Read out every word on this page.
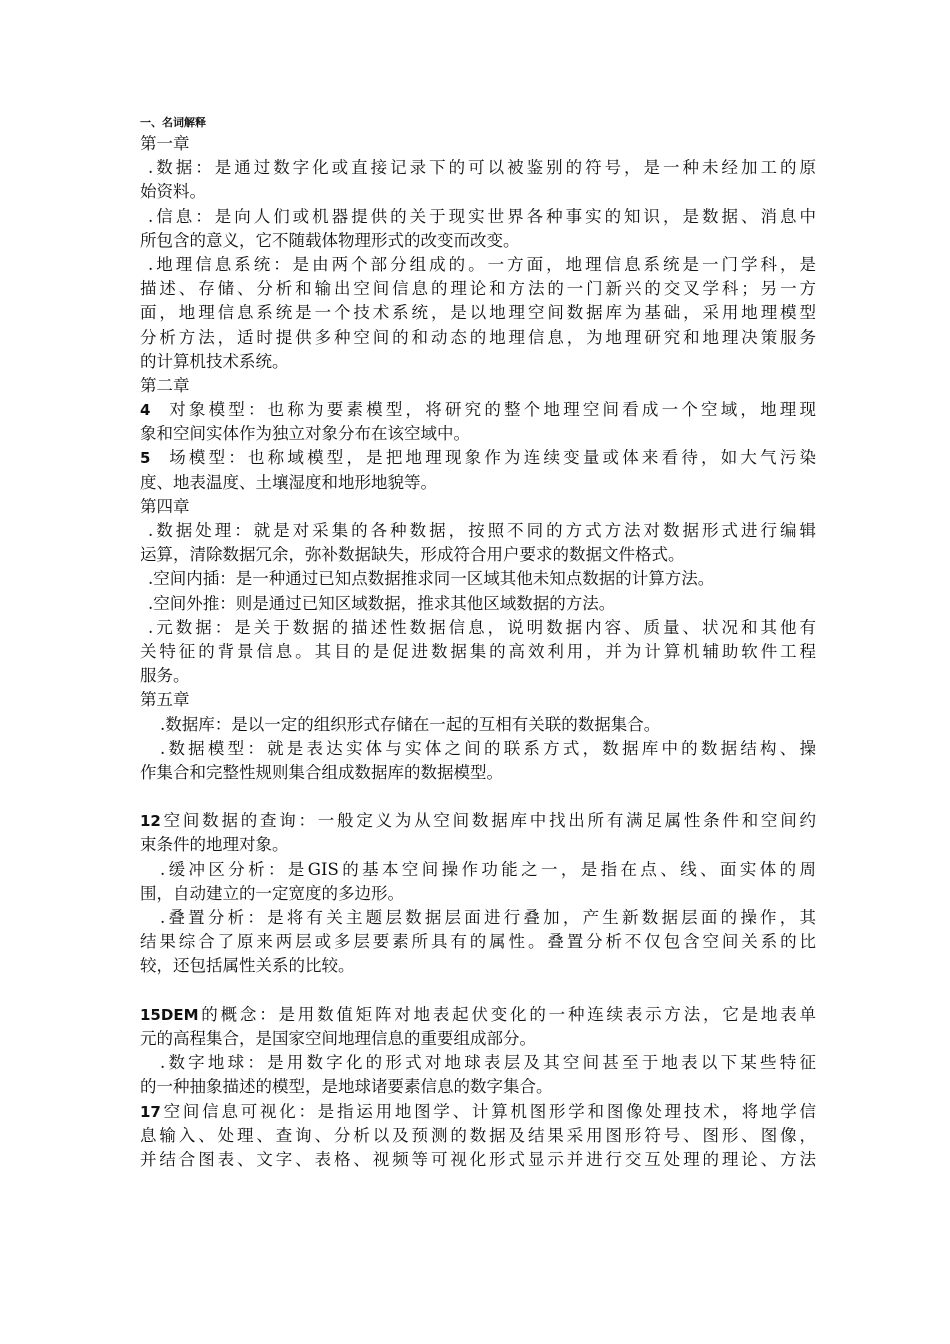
一、名词解释
第一章
.数据：是通过数字化或直接记录下的可以被鉴别的符号，是一种未经加工的原
始资料。
.信息：是向人们或机器提供的关于现实世界各种事实的知识，是数据、消息中
所包含的意义，它不随载体物理形式的改变而改变。
.地理信息系统：是由两个部分组成的。一方面，地理信息系统是一门学科，是
描述、存储、分析和输出空间信息的理论和方法的一门新兴的交叉学科；另一方
面，地理信息系统是一个技术系统，是以地理空间数据库为基础，采用地理模型
分析方法，适时提供多种空间的和动态的地理信息，为地理研究和地理决策服务
的计算机技术系统。
第二章
4 对象模型：也称为要素模型，将研究的整个地理空间看成一个空域，地理现
象和空间实体作为独立对象分布在该空域中。
5 场模型：也称域模型，是把地理现象作为连续变量或体来看待，如大气污染
度、地表温度、土壤湿度和地形地貌等。
第四章
.数据处理：就是对采集的各种数据，按照不同的方式方法对数据形式进行编辑
运算，清除数据冗余，弥补数据缺失，形成符合用户要求的数据文件格式。
.空间内插：是一种通过已知点数据推求同一区域其他未知点数据的计算方法。
.空间外推：则是通过已知区域数据，推求其他区域数据的方法。
.元数据：是关于数据的描述性数据信息，说明数据内容、质量、状况和其他有
关特征的背景信息。其目的是促进数据集的高效利用，并为计算机辅助软件工程
服务。
第五章
.数据库：是以一定的组织形式存储在一起的互相有关联的数据集合。
.数据模型：就是表达实体与实体之间的联系方式，数据库中的数据结构、操
作集合和完整性规则集合组成数据库的数据模型。
12空间数据的查询：一般定义为从空间数据库中找出所有满足属性条件和空间约
束条件的地理对象。
.缓冲区分析：是GIS的基本空间操作功能之一，是指在点、线、面实体的周
围，自动建立的一定宽度的多边形。
.叠置分析：是将有关主题层数据层面进行叠加，产生新数据层面的操作，其
结果综合了原来两层或多层要素所具有的属性。叠置分析不仅包含空间关系的比
较，还包括属性关系的比较。
15DEM的概念：是用数值矩阵对地表起伏变化的一种连续表示方法，它是地表单
元的高程集合，是国家空间地理信息的重要组成部分。
.数字地球：是用数字化的形式对地球表层及其空间甚至于地表以下某些特征
的一种抽象描述的模型，是地球诸要素信息的数字集合。
17空间信息可视化：是指运用地图学、计算机图形学和图像处理技术，将地学信
息输入、处理、查询、分析以及预测的数据及结果采用图形符号、图形、图像，
并结合图表、文字、表格、视频等可视化形式显示并进行交互处理的理论、方法
